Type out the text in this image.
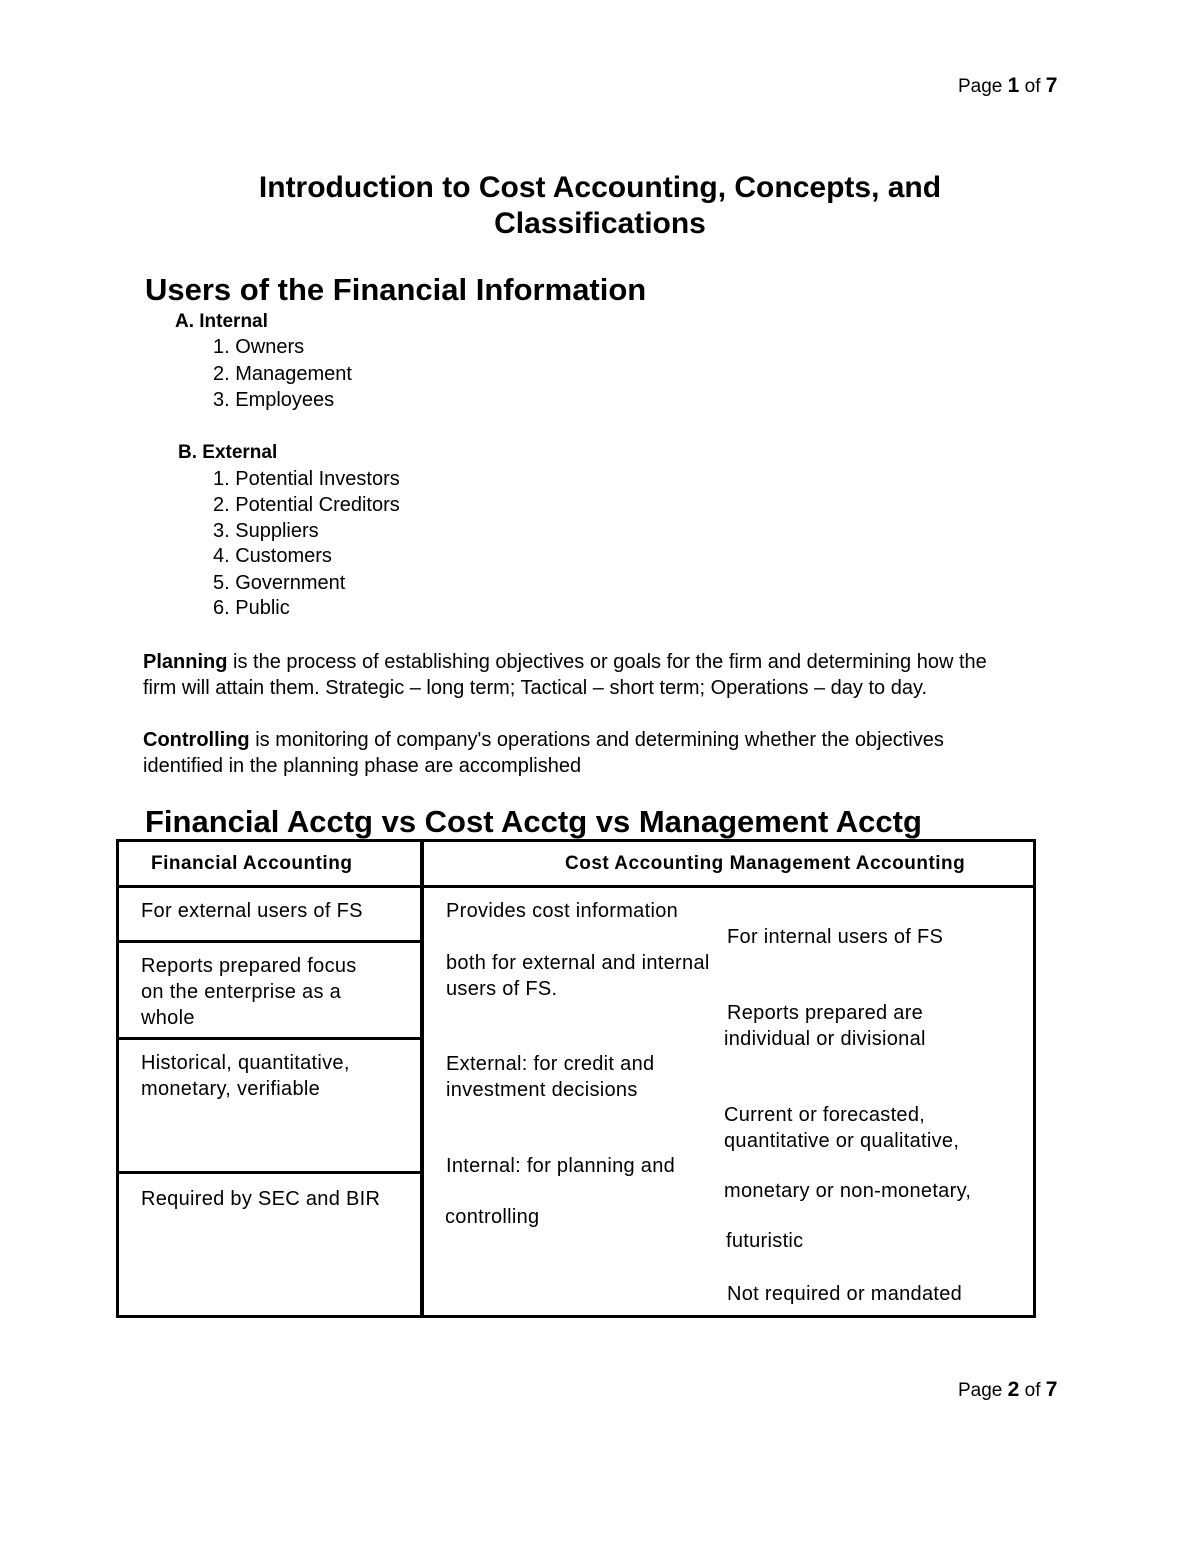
Page 1 of 7
Introduction to Cost Accounting, Concepts, and
Classifications
Users of the Financial Information
A. Internal
1. Owners
2. Management
3. Employees
B. External
1. Potential Investors
2. Potential Creditors
3. Suppliers
4. Customers
5. Government
6. Public
Planning is the process of establishing objectives or goals for the firm and determining how the
firm will attain them. Strategic – long term; Tactical – short term; Operations – day to day.
Controlling is monitoring of company's operations and determining whether the objectives
identified in the planning phase are accomplished
Financial Acctg vs Cost Acctg vs Management Acctg
Financial Accounting	Cost Accounting Management Accounting
For external users of FS
Reports prepared focus
on the enterprise as a
whole
Historical, quantitative,
monetary, verifiable
Required by SEC and BIR
Provides cost information
both for external and internal
users of FS.
External: for credit and
investment decisions
Internal: for planning and
controlling
For internal users of FS
Reports prepared are
individual or divisional
Current or forecasted,
quantitative or qualitative,
monetary or non-monetary,
futuristic
Not required or mandated
Page 2 of 7
